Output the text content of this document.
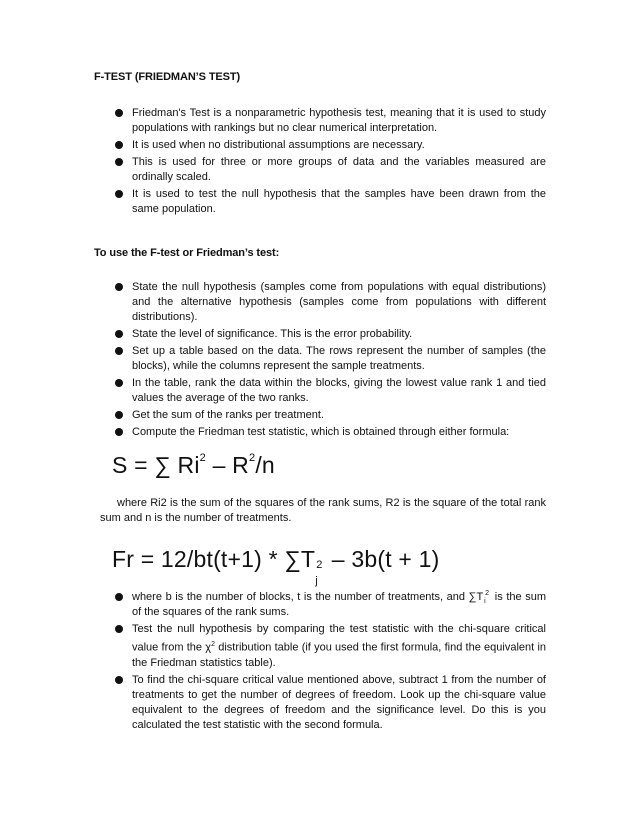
F-TEST (FRIEDMAN’S TEST)
Friedman's Test is a nonparametric hypothesis test, meaning that it is used to study populations with rankings but no clear numerical interpretation.
It is used when no distributional assumptions are necessary.
This is used for three or more groups of data and the variables measured are ordinally scaled.
It is used to test the null hypothesis that the samples have been drawn from the same population.
To use the F-test or Friedman’s test:
State the null hypothesis (samples come from populations with equal distributions) and the alternative hypothesis (samples come from populations with different distributions).
State the level of significance. This is the error probability.
Set up a table based on the data. The rows represent the number of samples (the blocks), while the columns represent the sample treatments.
In the table, rank the data within the blocks, giving the lowest value rank 1 and tied values the average of the two ranks.
Get the sum of the ranks per treatment.
Compute the Friedman test statistic, which is obtained through either formula:
S = ∑ $Ri^2 - R^2/n$

where Ri2 is the sum of the squares of the rank sums, R2 is the square of the total rank sum and n is the number of treatments.

Fr = 12/bt(t+1) * ∑T 2
j
– 3b(t + 1)
where b is the number of blocks, t is the number of treatments, and ∑T 2
i is the sum of the squares of the rank sums.
Test the null hypothesis by comparing the test statistic with the chi-square critical value from the $\chi^2$ distribution table (if you used the first formula, find the equivalent in the Friedman statistics table).
To find the chi-square critical value mentioned above, subtract 1 from the number of treatments to get the number of degrees of freedom. Look up the chi-square value equivalent to the degrees of freedom and the significance level. Do this is you calculated the test statistic with the second formula.
